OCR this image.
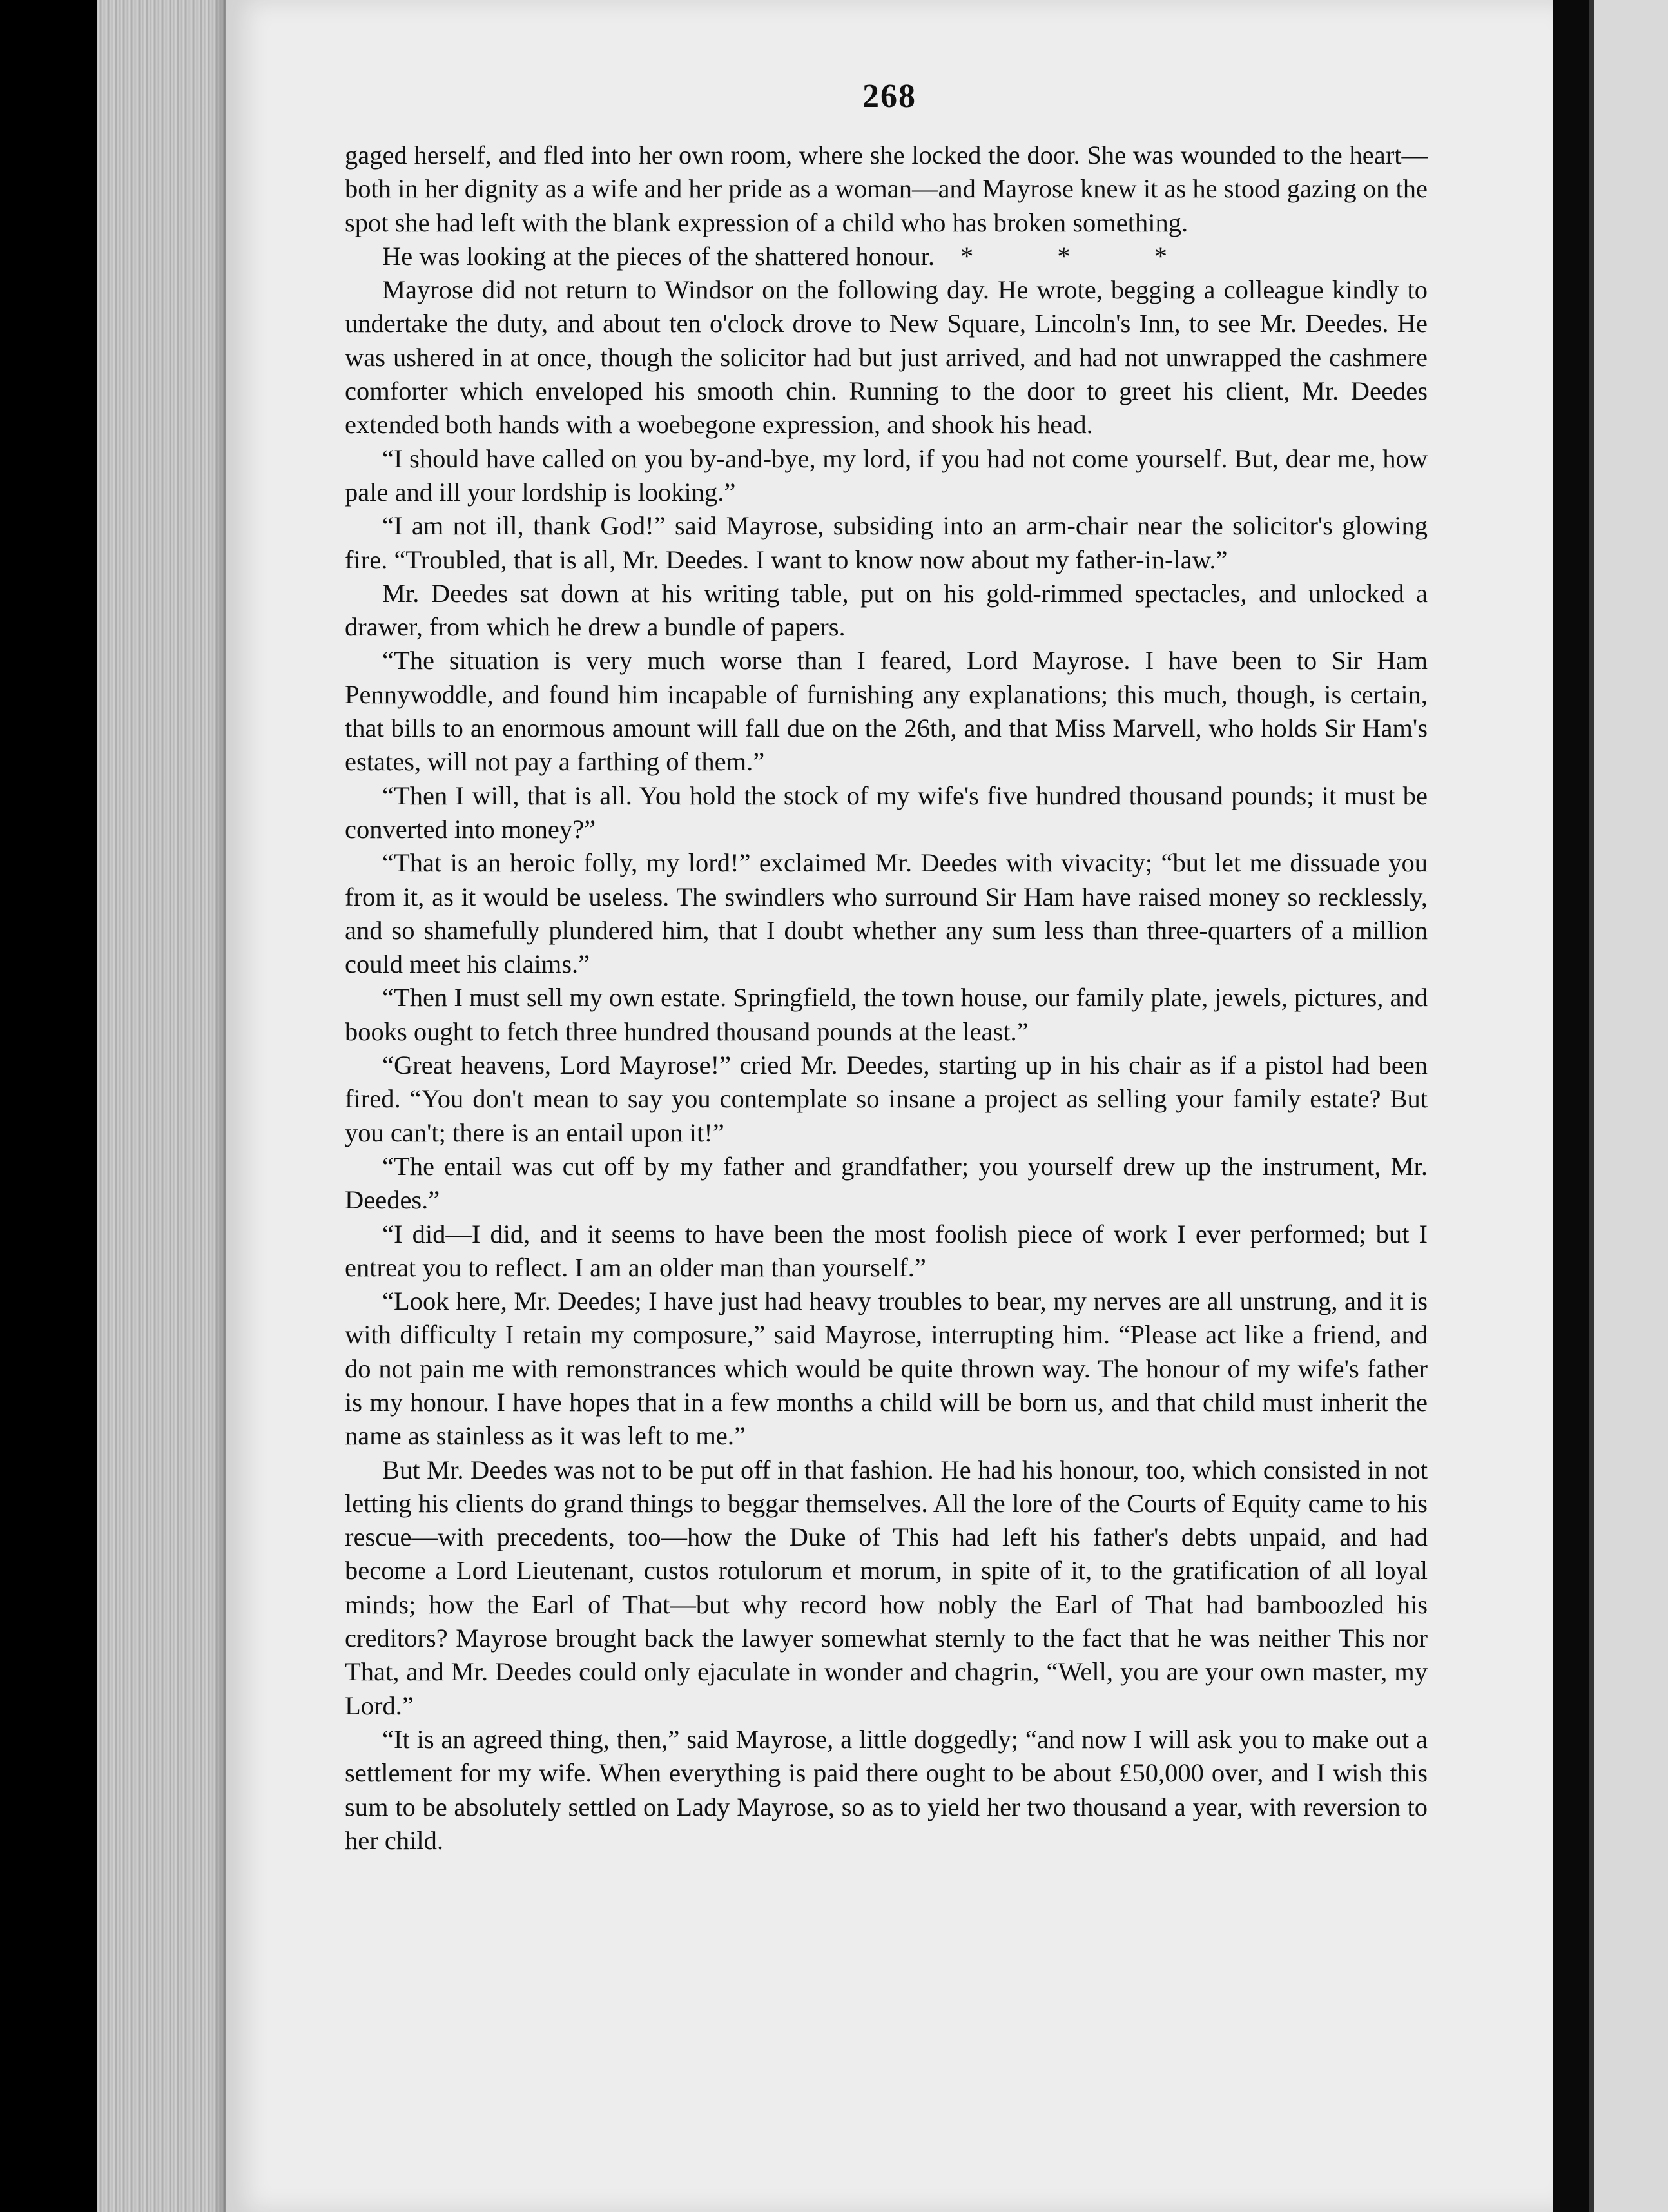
268

gaged herself, and fled into her own room, where she locked the door. She was wounded to the heart—both in her dignity as a wife and her pride as a woman—and Mayrose knew it as he stood gazing on the spot she had left with the blank expression of a child who has broken something.

He was looking at the pieces of the shattered honour. * * *

Mayrose did not return to Windsor on the following day. He wrote, begging a colleague kindly to undertake the duty, and about ten o'clock drove to New Square, Lincoln's Inn, to see Mr. Deedes. He was ushered in at once, though the solicitor had but just arrived, and had not unwrapped the cashmere comforter which enveloped his smooth chin. Running to the door to greet his client, Mr. Deedes extended both hands with a woebegone expression, and shook his head.

“I should have called on you by-and-bye, my lord, if you had not come yourself. But, dear me, how pale and ill your lordship is looking.”

“I am not ill, thank God!” said Mayrose, subsiding into an arm-chair near the solicitor's glowing fire. “Troubled, that is all, Mr. Deedes. I want to know now about my father-in-law.”

Mr. Deedes sat down at his writing table, put on his gold-rimmed spectacles, and unlocked a drawer, from which he drew a bundle of papers.

“The situation is very much worse than I feared, Lord Mayrose. I have been to Sir Ham Pennywoddle, and found him incapable of furnishing any explanations; this much, though, is certain, that bills to an enormous amount will fall due on the 26th, and that Miss Marvell, who holds Sir Ham's estates, will not pay a farthing of them.”

“Then I will, that is all. You hold the stock of my wife's five hundred thousand pounds; it must be converted into money?”

“That is an heroic folly, my lord!” exclaimed Mr. Deedes with vivacity; “but let me dissuade you from it, as it would be useless. The swindlers who surround Sir Ham have raised money so recklessly, and so shamefully plundered him, that I doubt whether any sum less than three-quarters of a million could meet his claims.”

“Then I must sell my own estate. Springfield, the town house, our family plate, jewels, pictures, and books ought to fetch three hundred thousand pounds at the least.”

“Great heavens, Lord Mayrose!” cried Mr. Deedes, starting up in his chair as if a pistol had been fired. “You don't mean to say you contemplate so insane a project as selling your family estate? But you can't; there is an entail upon it!”

“The entail was cut off by my father and grandfather; you yourself drew up the instrument, Mr. Deedes.”

“I did—I did, and it seems to have been the most foolish piece of work I ever performed; but I entreat you to reflect. I am an older man than yourself.”

“Look here, Mr. Deedes; I have just had heavy troubles to bear, my nerves are all unstrung, and it is with difficulty I retain my composure,” said Mayrose, interrupting him. “Please act like a friend, and do not pain me with remonstrances which would be quite thrown way. The honour of my wife's father is my honour. I have hopes that in a few months a child will be born us, and that child must inherit the name as stainless as it was left to me.”

But Mr. Deedes was not to be put off in that fashion. He had his honour, too, which consisted in not letting his clients do grand things to beggar themselves. All the lore of the Courts of Equity came to his rescue—with precedents, too—how the Duke of This had left his father's debts unpaid, and had become a Lord Lieutenant, custos rotulorum et morum, in spite of it, to the gratification of all loyal minds; how the Earl of That—but why record how nobly the Earl of That had bamboozled his creditors? Mayrose brought back the lawyer somewhat sternly to the fact that he was neither This nor That, and Mr. Deedes could only ejaculate in wonder and chagrin, “Well, you are your own master, my Lord.”

“It is an agreed thing, then,” said Mayrose, a little doggedly; “and now I will ask you to make out a settlement for my wife. When everything is paid there ought to be about £50,000 over, and I wish this sum to be absolutely settled on Lady Mayrose, so as to yield her two thousand a year, with reversion to her child.
